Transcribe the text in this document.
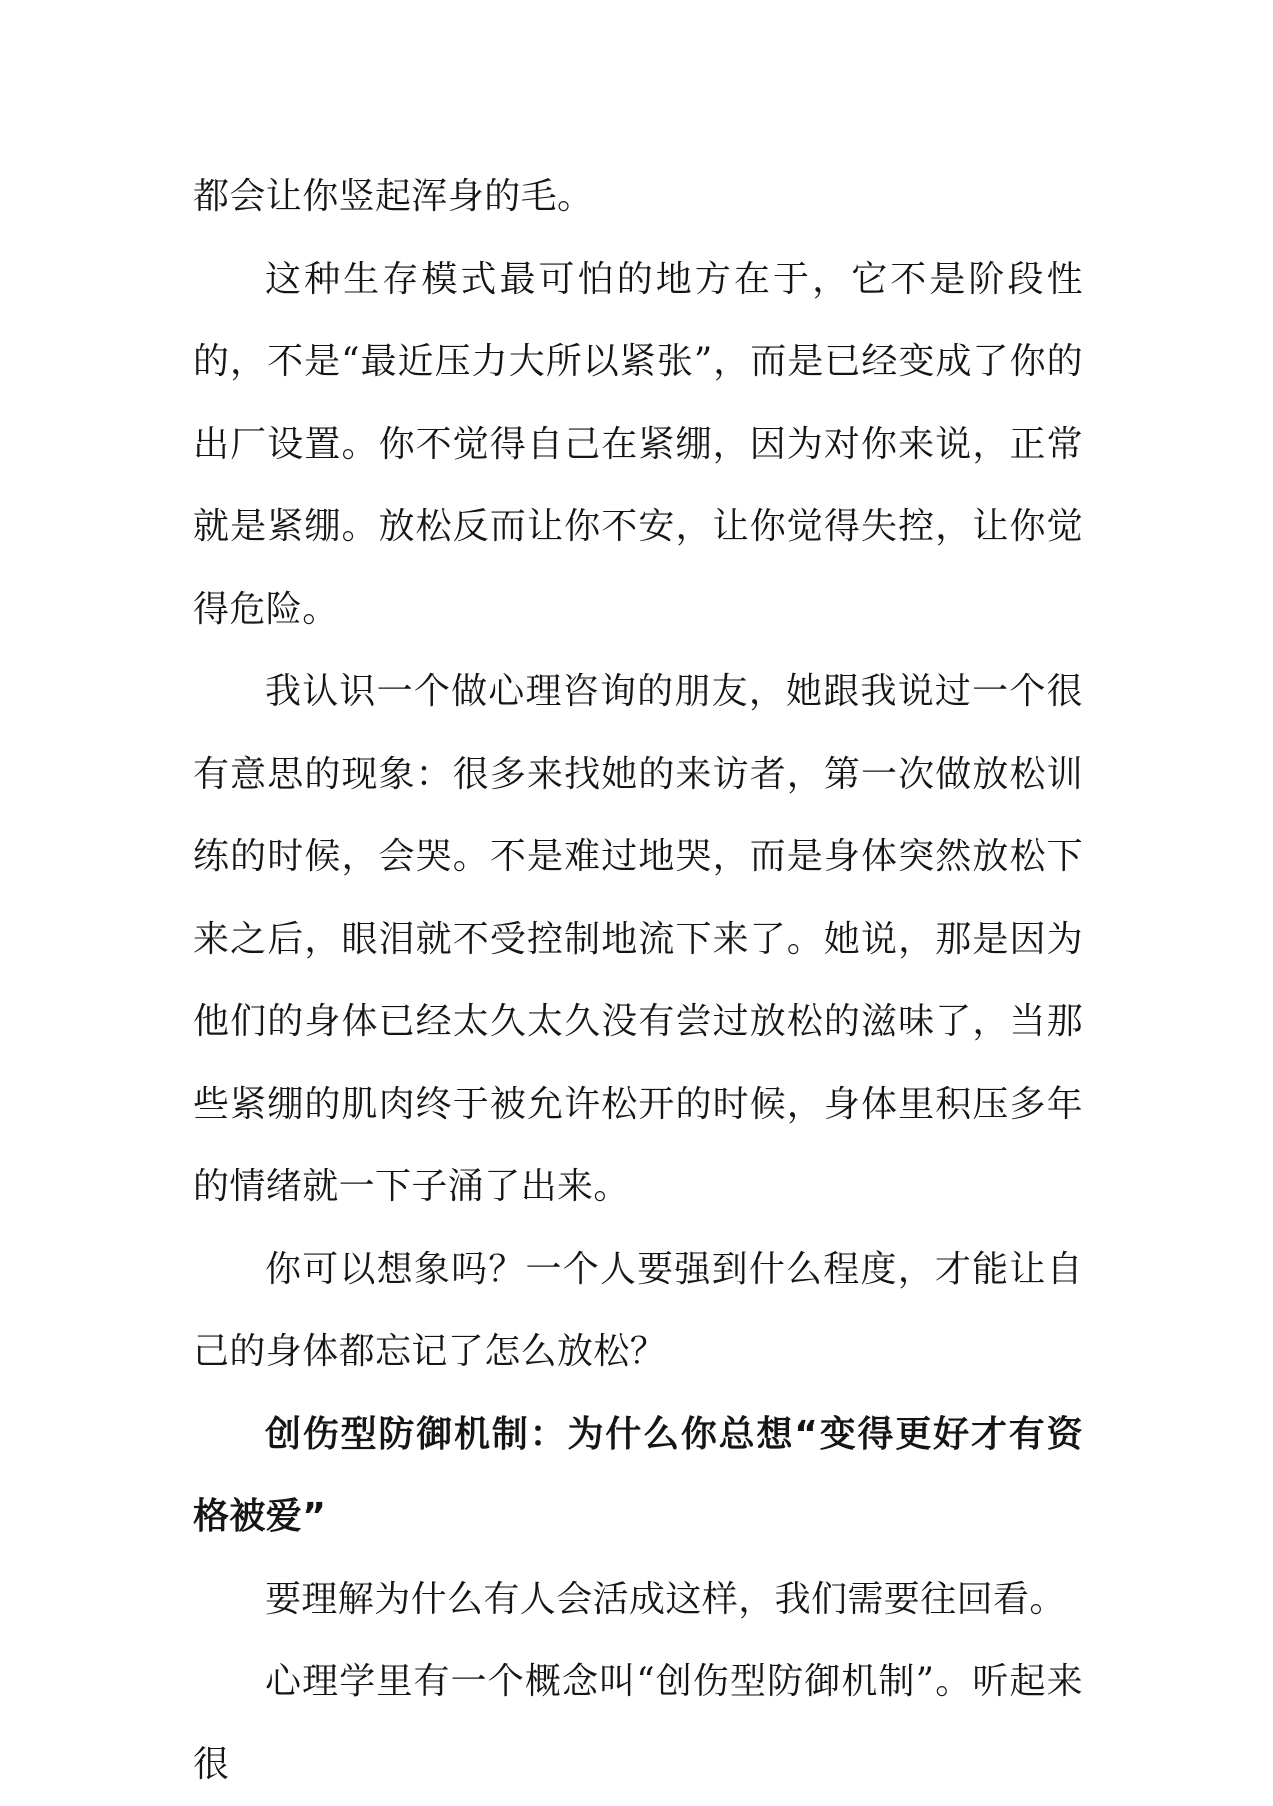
都会让你竖起浑身的毛。

这种生存模式最可怕的地方在于，它不是阶段性的，不是“最近压力大所以紧张”，而是已经变成了你的出厂设置。你不觉得自己在紧绷，因为对你来说，正常就是紧绷。放松反而让你不安，让你觉得失控，让你觉得危险。

我认识一个做心理咨询的朋友，她跟我说过一个很有意思的现象：很多来找她的来访者，第一次做放松训练的时候，会哭。不是难过地哭，而是身体突然放松下来之后，眼泪就不受控制地流下来了。她说，那是因为他们的身体已经太久太久没有尝过放松的滋味了，当那些紧绷的肌肉终于被允许松开的时候，身体里积压多年的情绪就一下子涌了出来。

你可以想象吗？一个人要强到什么程度，才能让自己的身体都忘记了怎么放松？

创伤型防御机制：为什么你总想“变得更好才有资格被爱”

要理解为什么有人会活成这样，我们需要往回看。

心理学里有一个概念叫“创伤型防御机制”。听起来很
